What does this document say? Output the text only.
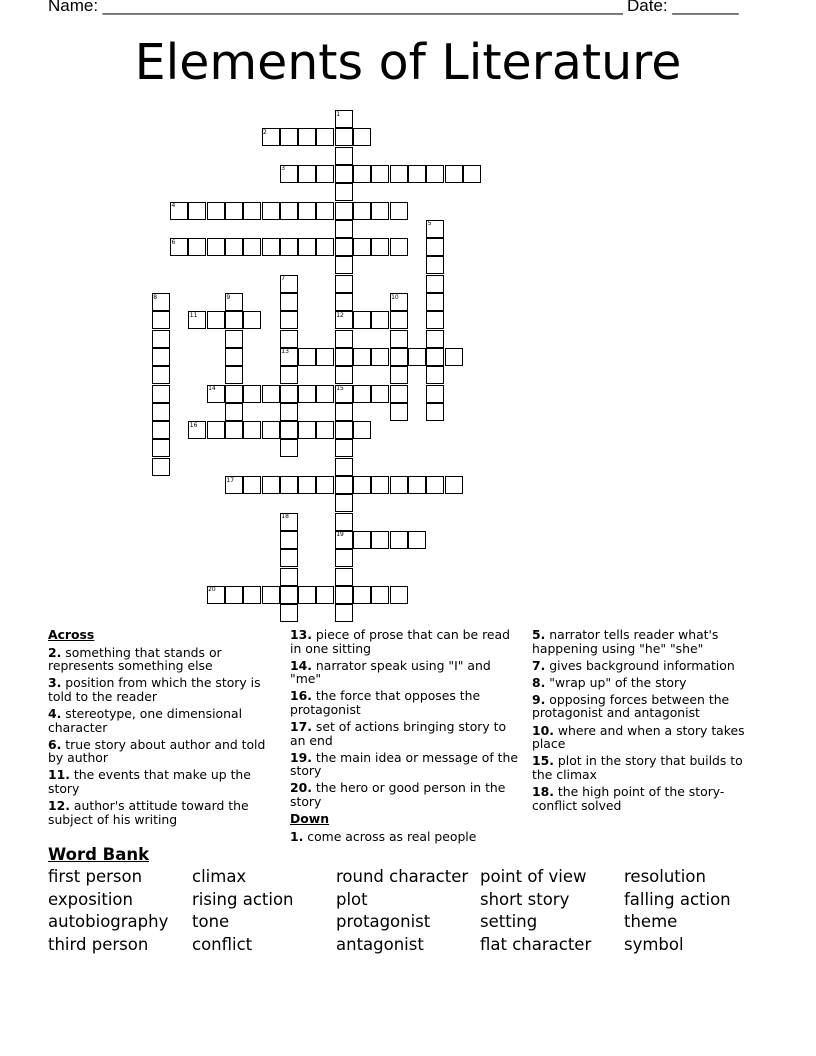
Name: _______________________________________________________ Date: _______
Elements of Literature
1
2
3
4
5
6
7
8	9	10
11	12
13
14	15
16
17
18
19
20
Across
2. something that stands or represents something else
3. position from which the story is told to the reader
4. stereotype, one dimensional character
6. true story about author and told by author
11. the events that make up the story
12. author's attitude toward the subject of his writing
13. piece of prose that can be read in one sitting
14. narrator speak using "I" and "me"
16. the force that opposes the protagonist
17. set of actions bringing story to an end
19. the main idea or message of the story
20. the hero or good person in the story
Down
1. come across as real people
5. narrator tells reader what's happening using "he" "she"
7. gives background information
8. "wrap up" of the story
9. opposing forces between the protagonist and antagonist
10. where and when a story takes place
15. plot in the story that builds to the climax
18. the high point of the story- conflict solved
Word Bank
first person
exposition
autobiography
third person
climax
rising action
tone
conflict
round character
plot
protagonist
antagonist
point of view
short story
setting
flat character
resolution
falling action
theme
symbol
